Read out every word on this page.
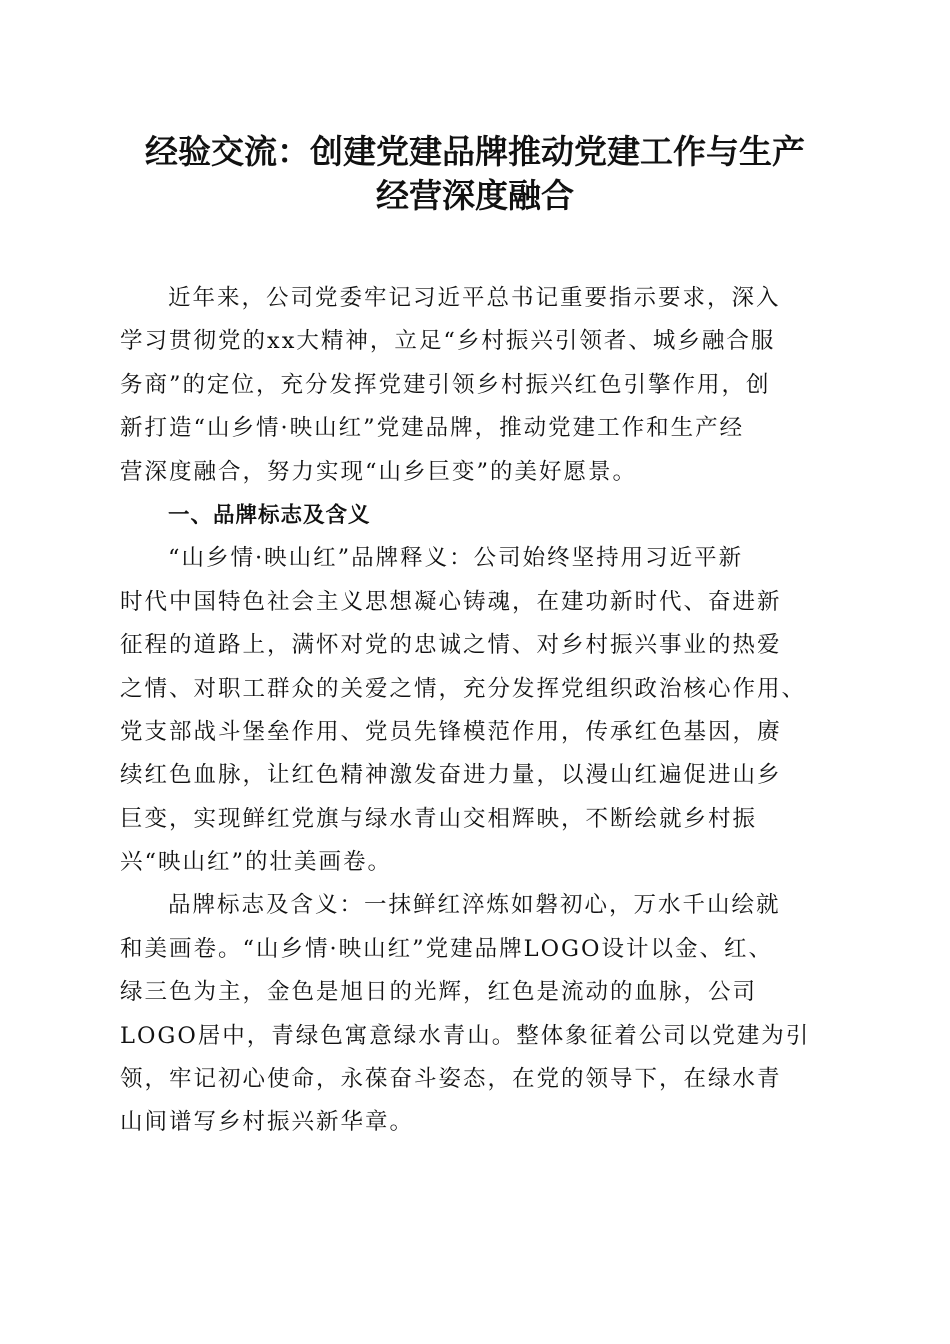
经验交流：创建党建品牌推动党建工作与生产
经营深度融合
近年来，公司党委牢记习近平总书记重要指示要求，深入
学习贯彻党的xx大精神，立足“乡村振兴引领者、城乡融合服
务商”的定位，充分发挥党建引领乡村振兴红色引擎作用，创
新打造“山乡情·映山红”党建品牌，推动党建工作和生产经
营深度融合，努力实现“山乡巨变”的美好愿景。
一、品牌标志及含义
“山乡情·映山红”品牌释义：公司始终坚持用习近平新
时代中国特色社会主义思想凝心铸魂，在建功新时代、奋进新
征程的道路上，满怀对党的忠诚之情、对乡村振兴事业的热爱
之情、对职工群众的关爱之情，充分发挥党组织政治核心作用、
党支部战斗堡垒作用、党员先锋模范作用，传承红色基因，赓
续红色血脉，让红色精神激发奋进力量，以漫山红遍促进山乡
巨变，实现鲜红党旗与绿水青山交相辉映，不断绘就乡村振
兴“映山红”的壮美画卷。
品牌标志及含义：一抹鲜红淬炼如磐初心，万水千山绘就
和美画卷。“山乡情·映山红”党建品牌LOGO设计以金、红、
绿三色为主，金色是旭日的光辉，红色是流动的血脉，公司
LOGO居中，青绿色寓意绿水青山。整体象征着公司以党建为引
领，牢记初心使命，永葆奋斗姿态，在党的领导下，在绿水青
山间谱写乡村振兴新华章。
